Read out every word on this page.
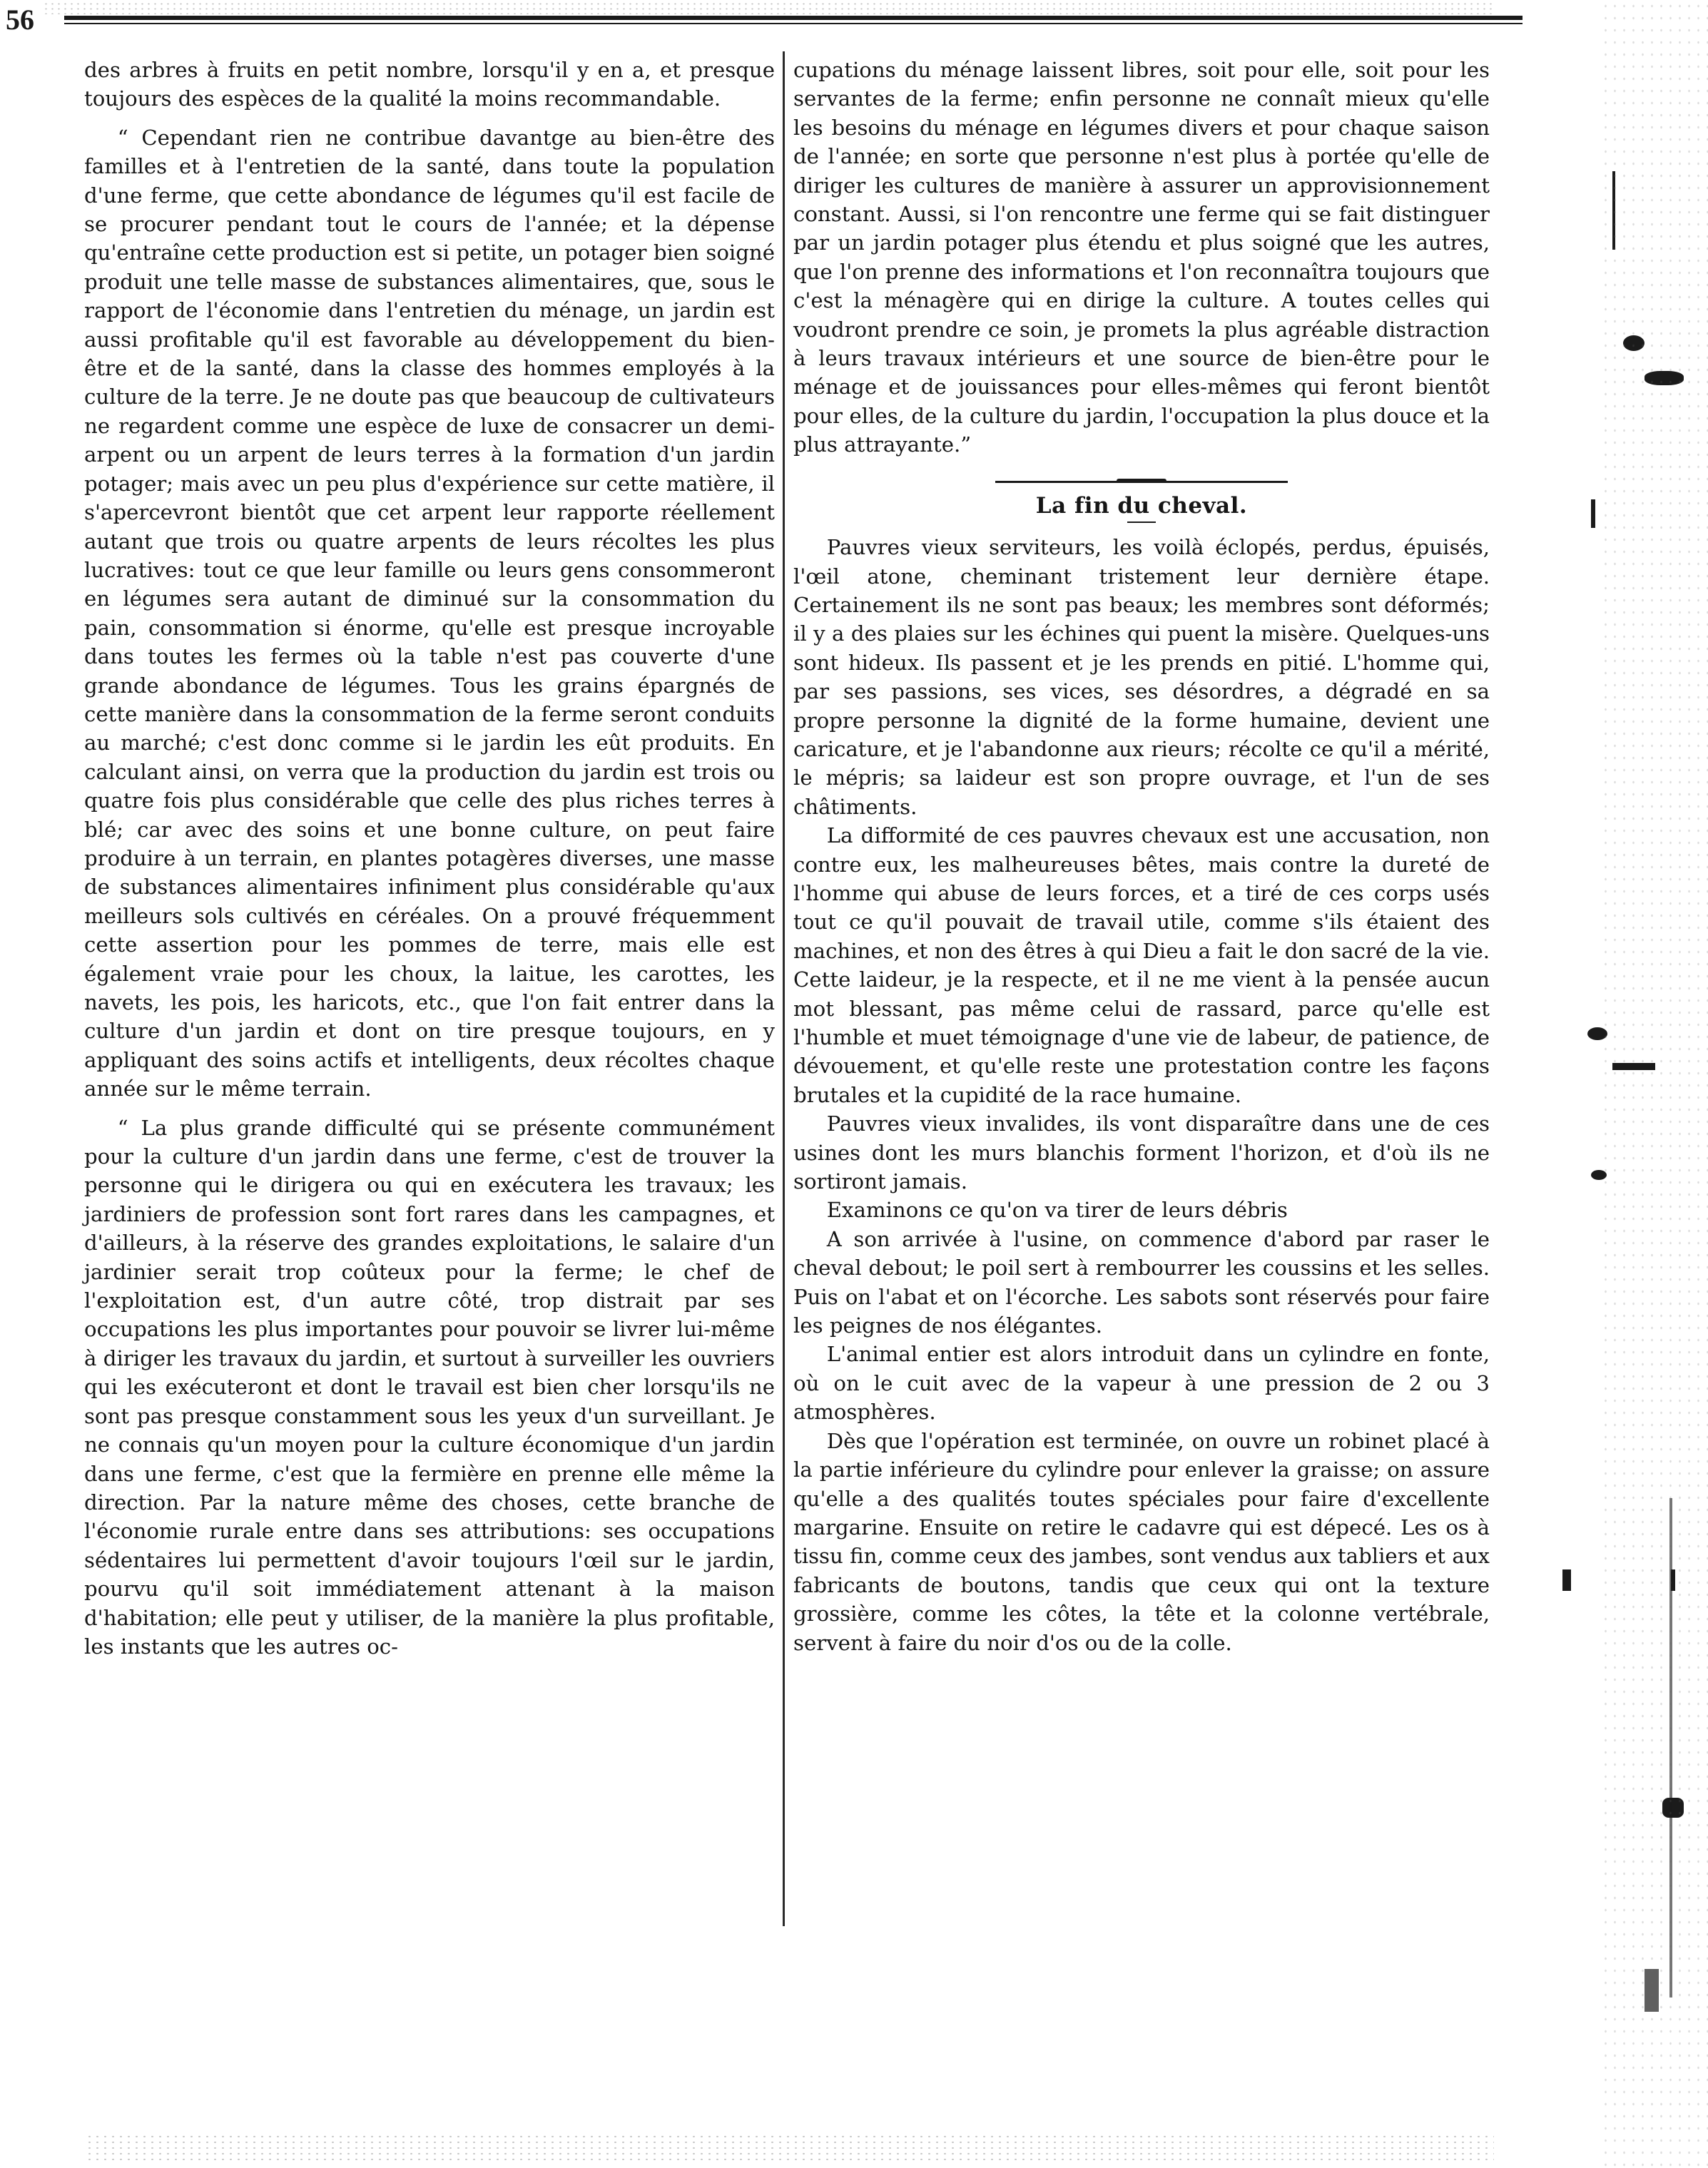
56

des arbres à fruits en petit nombre, lorsqu'il y en a, et presque toujours des espèces de la qualité la moins recommandable.

“ Cependant rien ne contribue davantge au bien-être des familles et à l'entretien de la santé, dans toute la population d'une ferme, que cette abondance de légumes qu'il est facile de se procurer pendant tout le cours de l'année; et la dépense qu'entraîne cette production est si petite, un potager bien soigné produit une telle masse de substances alimentaires, que, sous le rapport de l'économie dans l'entretien du ménage, un jardin est aussi profitable qu'il est favorable au développement du bien-être et de la santé, dans la classe des hommes employés à la culture de la terre. Je ne doute pas que beaucoup de cultivateurs ne regardent comme une espèce de luxe de consacrer un demi-arpent ou un arpent de leurs terres à la formation d'un jardin potager; mais avec un peu plus d'expérience sur cette matière, il s'apercevront bientôt que cet arpent leur rapporte réellement autant que trois ou quatre arpents de leurs récoltes les plus lucratives: tout ce que leur famille ou leurs gens consommeront en légumes sera autant de diminué sur la consommation du pain, consommation si énorme, qu'elle est presque incroyable dans toutes les fermes où la table n'est pas couverte d'une grande abondance de légumes. Tous les grains épargnés de cette manière dans la consommation de la ferme seront conduits au marché; c'est donc comme si le jardin les eût produits. En calculant ainsi, on verra que la production du jardin est trois ou quatre fois plus considérable que celle des plus riches terres à blé; car avec des soins et une bonne culture, on peut faire produire à un terrain, en plantes potagères diverses, une masse de substances alimentaires infiniment plus considérable qu'aux meilleurs sols cultivés en céréales. On a prouvé fréquemment cette assertion pour les pommes de terre, mais elle est également vraie pour les choux, la laitue, les carottes, les navets, les pois, les haricots, etc., que l'on fait entrer dans la culture d'un jardin et dont on tire presque toujours, en y appliquant des soins actifs et intelligents, deux récoltes chaque année sur le même terrain.

“ La plus grande difficulté qui se présente communément pour la culture d'un jardin dans une ferme, c'est de trouver la personne qui le dirigera ou qui en exécutera les travaux; les jardiniers de profession sont fort rares dans les campagnes, et d'ailleurs, à la réserve des grandes exploitations, le salaire d'un jardinier serait trop coûteux pour la ferme; le chef de l'exploitation est, d'un autre côté, trop distrait par ses occupations les plus importantes pour pouvoir se livrer lui-même à diriger les travaux du jardin, et surtout à surveiller les ouvriers qui les exécuteront et dont le travail est bien cher lorsqu'ils ne sont pas presque constamment sous les yeux d'un surveillant. Je ne connais qu'un moyen pour la culture économique d'un jardin dans une ferme, c'est que la fermière en prenne elle même la direction. Par la nature même des choses, cette branche de l'économie rurale entre dans ses attributions: ses occupations sédentaires lui permettent d'avoir toujours l'œil sur le jardin, pourvu qu'il soit immédiatement attenant à la maison d'habitation; elle peut y utiliser, de la manière la plus profitable, les instants que les autres oc-

cupations du ménage laissent libres, soit pour elle, soit pour les servantes de la ferme; enfin personne ne connaît mieux qu'elle les besoins du ménage en légumes divers et pour chaque saison de l'année; en sorte que personne n'est plus à portée qu'elle de diriger les cultures de manière à assurer un approvisionnement constant. Aussi, si l'on rencontre une ferme qui se fait distinguer par un jardin potager plus étendu et plus soigné que les autres, que l'on prenne des informations et l'on reconnaîtra toujours que c'est la ménagère qui en dirige la culture. A toutes celles qui voudront prendre ce soin, je promets la plus agréable distraction à leurs travaux intérieurs et une source de bien-être pour le ménage et de jouissances pour elles-mêmes qui feront bientôt pour elles, de la culture du jardin, l'occupation la plus douce et la plus attrayante.”

La fin du cheval.

Pauvres vieux serviteurs, les voilà éclopés, perdus, épuisés, l'œil atone, cheminant tristement leur dernière étape. Certainement ils ne sont pas beaux; les membres sont déformés; il y a des plaies sur les échines qui puent la misère. Quelques-uns sont hideux. Ils passent et je les prends en pitié. L'homme qui, par ses passions, ses vices, ses désordres, a dégradé en sa propre personne la dignité de la forme humaine, devient une caricature, et je l'abandonne aux rieurs; récolte ce qu'il a mérité, le mépris; sa laideur est son propre ouvrage, et l'un de ses châtiments.

La difformité de ces pauvres chevaux est une accusation, non contre eux, les malheureuses bêtes, mais contre la dureté de l'homme qui abuse de leurs forces, et a tiré de ces corps usés tout ce qu'il pouvait de travail utile, comme s'ils étaient des machines, et non des êtres à qui Dieu a fait le don sacré de la vie. Cette laideur, je la respecte, et il ne me vient à la pensée aucun mot blessant, pas même celui de rassard, parce qu'elle est l'humble et muet témoignage d'une vie de labeur, de patience, de dévouement, et qu'elle reste une protestation contre les façons brutales et la cupidité de la race humaine.

Pauvres vieux invalides, ils vont disparaître dans une de ces usines dont les murs blanchis forment l'horizon, et d'où ils ne sortiront jamais.

Examinons ce qu'on va tirer de leurs débris

A son arrivée à l'usine, on commence d'abord par raser le cheval debout; le poil sert à rembourrer les coussins et les selles. Puis on l'abat et on l'écorche. Les sabots sont réservés pour faire les peignes de nos élégantes.

L'animal entier est alors introduit dans un cylindre en fonte, où on le cuit avec de la vapeur à une pression de 2 ou 3 atmosphères.

Dès que l'opération est terminée, on ouvre un robinet placé à la partie inférieure du cylindre pour enlever la graisse; on assure qu'elle a des qualités toutes spéciales pour faire d'excellente margarine. Ensuite on retire le cadavre qui est dépecé. Les os à tissu fin, comme ceux des jambes, sont vendus aux tabliers et aux fabricants de boutons, tandis que ceux qui ont la texture grossière, comme les côtes, la tête et la colonne vertébrale, servent à faire du noir d'os ou de la colle.
